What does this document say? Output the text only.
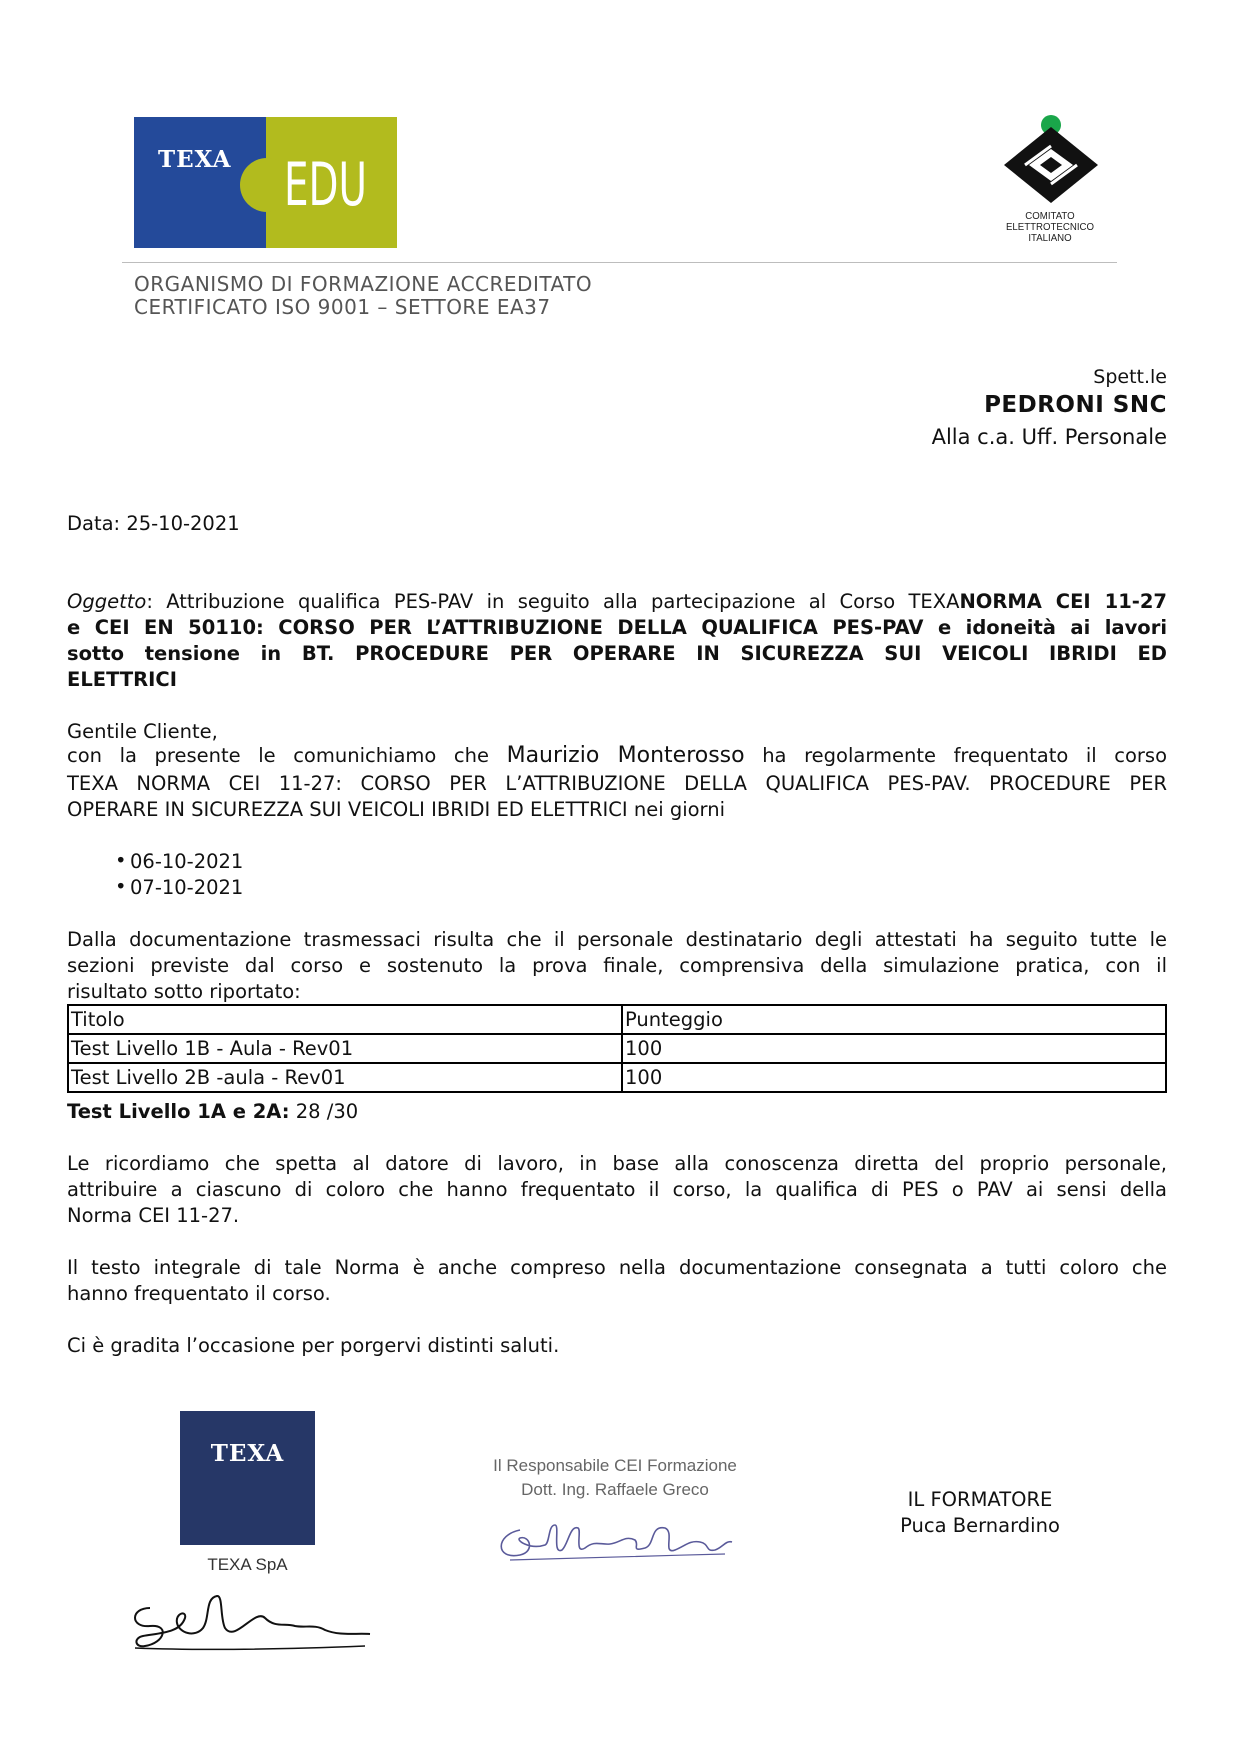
TEXA EDU	COMITATO
ELETTROTECNICO
ITALIANO
ORGANISMO DI FORMAZIONE ACCREDITATO
CERTIFICATO ISO 9001 – SETTORE EA37
Spett.le
PEDRONI SNC
Alla c.a. Uff. Personale
Data: 25-10-2021
Oggetto: Attribuzione qualifica PES-PAV in seguito alla partecipazione al Corso TEXANORMA CEI 11-27
e CEI EN 50110: CORSO PER L’ATTRIBUZIONE DELLA QUALIFICA PES-PAV e idoneità ai lavori
sotto tensione in BT. PROCEDURE PER OPERARE IN SICUREZZA SUI VEICOLI IBRIDI ED
ELETTRICI
Gentile Cliente,
con la presente le comunichiamo che Maurizio Monterosso ha regolarmente frequentato il corso
TEXA NORMA CEI 11-27: CORSO PER L’ATTRIBUZIONE DELLA QUALIFICA PES-PAV. PROCEDURE PER
OPERARE IN SICUREZZA SUI VEICOLI IBRIDI ED ELETTRICI nei giorni
• 06-10-2021
• 07-10-2021
Dalla documentazione trasmessaci risulta che il personale destinatario degli attestati ha seguito tutte le
sezioni previste dal corso e sostenuto la prova finale, comprensiva della simulazione pratica, con il
risultato sotto riportato:
Titolo	Punteggio
Test Livello 1B - Aula - Rev01	100
Test Livello 2B -aula - Rev01	100
Test Livello 1A e 2A: 28 /30
Le ricordiamo che spetta al datore di lavoro, in base alla conoscenza diretta del proprio personale,
attribuire a ciascuno di coloro che hanno frequentato il corso, la qualifica di PES o PAV ai sensi della
Norma CEI 11-27.
Il testo integrale di tale Norma è anche compreso nella documentazione consegnata a tutti coloro che
hanno frequentato il corso.
Ci è gradita l’occasione per porgervi distinti saluti.
TEXA
TEXA SpA
Il Responsabile CEI Formazione
Dott. Ing. Raffaele Greco	IL FORMATORE
Puca Bernardino
